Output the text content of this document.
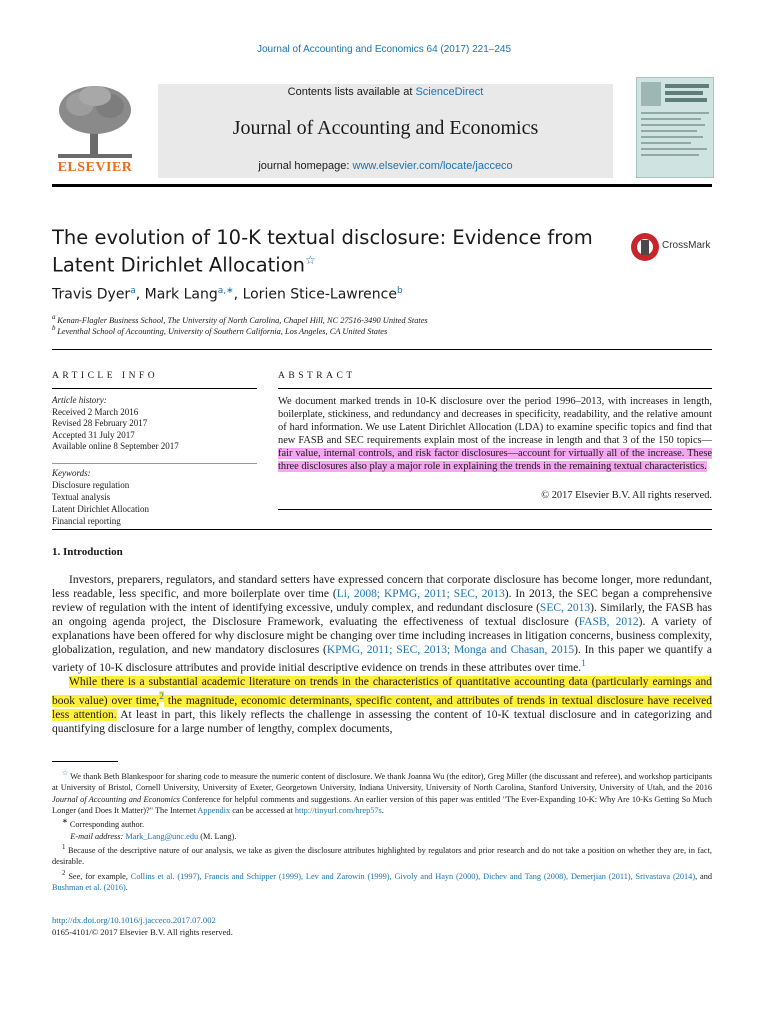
Journal of Accounting and Economics 64 (2017) 221–245
ELSEVIER
Contents lists available at ScienceDirect
Journal of Accounting and Economics
journal homepage: www.elsevier.com/locate/jacceco
The evolution of 10-K textual disclosure: Evidence from Latent Dirichlet Allocation☆
CrossMark
Travis Dyer$^a$, Mark Lang$^{a,∗}$, Lorien Stice-Lawrence$^b$
$^a$  Kenan-Flagler Business School, The University of North Carolina, Chapel Hill, NC 27516-3490 United States
$^b$  Leventhal School of Accounting, University of Southern California, Los Angeles, CA United States
ARTICLE INFO	ABSTRACT
Article history:
Received 2 March 2016
Revised 28 February 2017
Accepted 31 July 2017
Available online 8 September 2017
Keywords:
Disclosure regulation
Textual analysis
Latent Dirichlet Allocation
Financial reporting
We document marked trends in 10-K disclosure over the period 1996–2013, with increases in length, boilerplate, stickiness, and redundancy and decreases in specificity, readability, and the relative amount of hard information. We use Latent Dirichlet Allocation (LDA) to examine specific topics and find that new FASB and SEC requirements explain most of the increase in length and that 3 of the 150 topics—fair value, internal controls, and risk factor disclosures—account for virtually all of the increase. These three disclosures also play a major role in explaining the trends in the remaining textual characteristics.
© 2017 Elsevier B.V. All rights reserved.
1. Introduction

Investors, preparers, regulators, and standard setters have expressed concern that corporate disclosure has become longer, more redundant, less readable, less specific, and more boilerplate over time (Li, 2008; KPMG, 2011; SEC, 2013). In 2013, the SEC began a comprehensive review of regulation with the intent of identifying excessive, unduly complex, and redundant disclosure (SEC, 2013). Similarly, the FASB has an ongoing agenda project, the Disclosure Framework, evaluating the effectiveness of textual disclosure (FASB, 2012). A variety of explanations have been offered for why disclosure might be changing over time including increases in litigation concerns, business complexity, globalization, regulation, and new mandatory disclosures (KPMG, 2011; SEC, 2013; Monga and Chasan, 2015). In this paper we quantify a variety of 10-K disclosure attributes and provide initial descriptive evidence on trends in these attributes over time.$^1$

While there is a substantial academic literature on trends in the characteristics of quantitative accounting data (particularly earnings and book value) over time,$^2$ the magnitude, economic determinants, specific content, and attributes of trends in textual disclosure have received less attention. At least in part, this likely reflects the challenge in assessing the content of 10-K textual disclosure and in categorizing and quantifying disclosure for a large number of lengthy, complex documents,

☆ We thank Beth Blankespoor for sharing code to measure the numeric content of disclosure. We thank Joanna Wu (the editor), Greg Miller (the discussant and referee), and workshop participants at University of Bristol, Cornell University, University of Exeter, Georgetown University, Indiana University, University of North Carolina, Stanford University, University of Utah, and the 2016 Journal of Accounting and Economics Conference for helpful comments and suggestions. An earlier version of this paper was entitled "The Ever-Expanding 10-K: Why Are 10-Ks Getting So Much Longer (and Does It Matter)?" The Internet Appendix can be accessed at http://tinyurl.com/hrep57s.

∗ Corresponding author.

 E-mail address: Mark_Lang@unc.edu (M. Lang).

$^1$ Because of the descriptive nature of our analysis, we take as given the disclosure attributes highlighted by regulators and prior research and do not take a position on whether they are, in fact, desirable.

$^2$ See, for example, Collins et al. (1997), Francis and Schipper (1999), Lev and Zarowin (1999), Givoly and Hayn (2000), Dichev and Tang (2008), Demerjian (2011), Srivastava (2014), and Bushman et al. (2016).

http://dx.doi.org/10.1016/j.jacceco.2017.07.002
0165-4101/© 2017 Elsevier B.V. All rights reserved.
